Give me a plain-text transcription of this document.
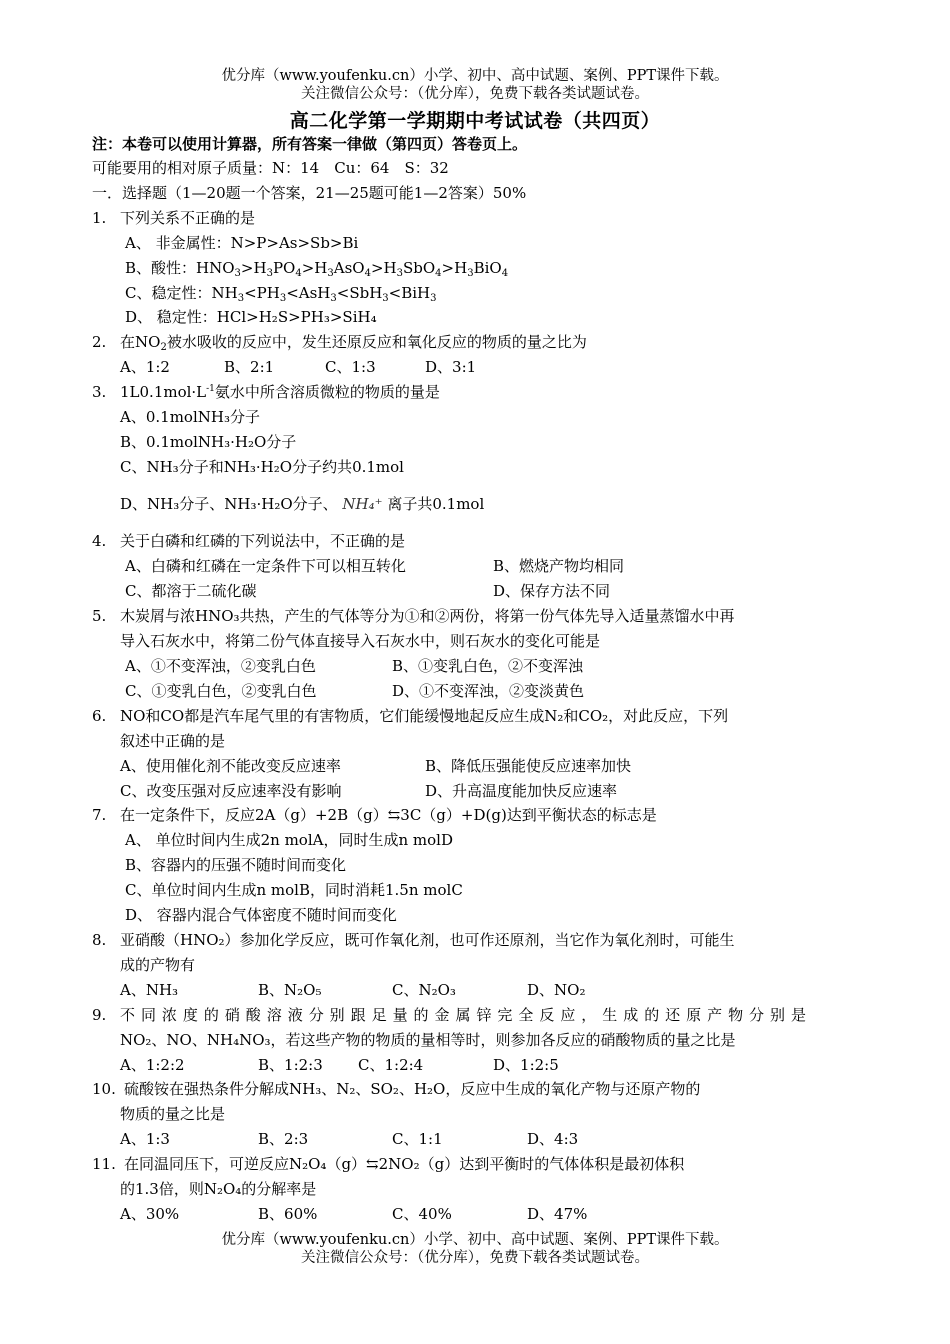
优分库（www.youfenku.cn）小学、初中、高中试题、案例、PPT课件下载。
关注微信公众号：（优分库），免费下载各类试题试卷。
高二化学第一学期期中考试试卷（共四页）
注：本卷可以使用计算器，所有答案一律做（第四页）答卷页上。
可能要用的相对原子质量：N：14　Cu：64　S：32
一．选择题（1—20题一个答案，21—25题可能1—2答案）50%
1. 下列关系不正确的是
A、 非金属性：N>P>As>Sb>Bi
B、酸性：$HNO_3>H_3PO_4>H_3AsO_4>H_3SbO_4>H_3BiO_4$
C、稳定性：$NH_3<PH_3<AsH_3<SbH_3<BiH_3$
D、 稳定性：HCl>H₂S>PH₃>SiH₄
2. 在$NO_2$被水吸收的反应中，发生还原反应和氧化反应的物质的量之比为
A、1:2	B、2:1	C、1:3	D、3:1
3. $1L0.1mol\cdot L^{-1}$氨水中所含溶质微粒的物质的量是
A、0.1molNH₃分子
B、0.1molNH₃·H₂O分子
C、NH₃分子和NH₃·H₂O分子约共0.1mol
D、NH₃分子、NH₃·H₂O分子、 NH₄⁺ 离子共0.1mol
4. 关于白磷和红磷的下列说法中，不正确的是
A、白磷和红磷在一定条件下可以相互转化	B、燃烧产物均相同
C、都溶于二硫化碳	D、保存方法不同
5. 木炭屑与浓HNO₃共热，产生的气体等分为①和②两份，将第一份气体先导入适量蒸馏水中再
导入石灰水中，将第二份气体直接导入石灰水中，则石灰水的变化可能是
A、①不变浑浊，②变乳白色	B、①变乳白色，②不变浑浊
C、①变乳白色，②变乳白色	D、①不变浑浊，②变淡黄色
6. NO和CO都是汽车尾气里的有害物质，它们能缓慢地起反应生成N₂和CO₂，对此反应，下列
叙述中正确的是
A、使用催化剂不能改变反应速率	B、降低压强能使反应速率加快
C、改变压强对反应速率没有影响	D、升高温度能加快反应速率
7. 在一定条件下，反应2A（g）+2B（g）⇆3C（g）+D(g)达到平衡状态的标志是
A、 单位时间内生成2n molA，同时生成n molD
B、容器内的压强不随时间而变化
C、单位时间内生成n molB，同时消耗1.5n molC
D、 容器内混合气体密度不随时间而变化
8. 亚硝酸（HNO₂）参加化学反应，既可作氧化剂，也可作还原剂，当它作为氧化剂时，可能生
成的产物有
A、NH₃	B、N₂O₅	C、N₂O₃	D、NO₂
9. 不同浓度的硝酸溶液分别跟足量的金属锌完全反应，生成的还原产物分别是
NO₂、NO、NH₄NO₃，若这些产物的物质的量相等时，则参加各反应的硝酸物质的量之比是
A、1:2:2	B、1:2:3 C、1:2:4	D、1:2:5
10. 硫酸铵在强热条件分解成NH₃、N₂、SO₂、H₂O，反应中生成的氧化产物与还原产物的
物质的量之比是
A、1:3	B、2:3	C、1:1	D、4:3
11. 在同温同压下，可逆反应N₂O₄（g）⇆2NO₂（g）达到平衡时的气体体积是最初体积
的1.3倍，则N₂O₄的分解率是
A、30%	B、60%	C、40%	D、47%
优分库（www.youfenku.cn）小学、初中、高中试题、案例、PPT课件下载。
关注微信公众号：（优分库），免费下载各类试题试卷。
